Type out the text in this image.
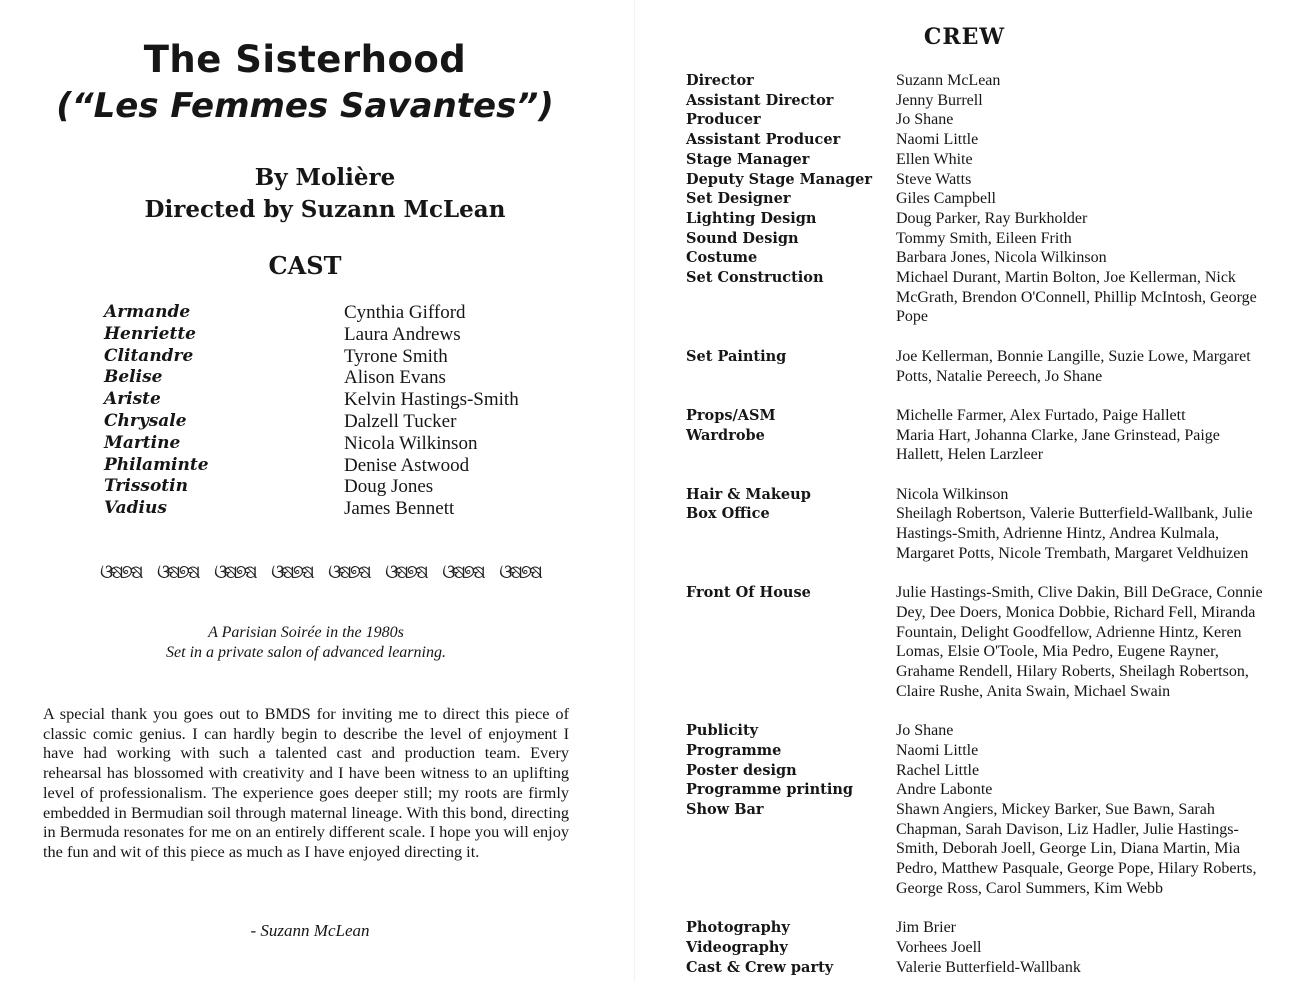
The Sisterhood
(“Les Femmes Savantes”)
By Molière
Directed by Suzann McLean
CAST
Armande	Cynthia Gifford
Henriette	Laura Andrews
Clitandre	Tyrone Smith
Belise	Alison Evans
Ariste	Kelvin Hastings-Smith
Chrysale	Dalzell Tucker
Martine	Nicola Wilkinson
Philaminte	Denise Astwood
Trissotin	Doug Jones
Vadius	James Bennett
ଓଷ୭ଷ ଓଷ୭ଷ ଓଷ୭ଷ ଓଷ୭ଷ ଓଷ୭ଷ ଓଷ୭ଷ ଓଷ୭ଷ ଓଷ୭ଷ
A Parisian Soirée in the 1980s
Set in a private salon of advanced learning.

A special thank you goes out to BMDS for inviting me to direct this piece of classic comic genius. I can hardly begin to describe the level of enjoyment I have had working with such a talented cast and production team. Every rehearsal has blossomed with creativity and I have been witness to an uplifting level of professionalism. The experience goes deeper still; my roots are firmly embedded in Bermudian soil through maternal lineage. With this bond, directing in Bermuda resonates for me on an entirely different scale. I hope you will enjoy the fun and wit of this piece as much as I have enjoyed directing it.

- Suzann McLean
CREW
Director	Suzann McLean
Assistant Director	Jenny Burrell
Producer	Jo Shane
Assistant Producer	Naomi Little
Stage Manager	Ellen White
Deputy Stage Manager Steve Watts
Set Designer	Giles Campbell
Lighting Design	Doug Parker, Ray Burkholder
Sound Design	Tommy Smith, Eileen Frith
Costume	Barbara Jones, Nicola Wilkinson
Set Construction	Michael Durant, Martin Bolton, Joe Kellerman, Nick McGrath, Brendon O'Connell, Phillip McIntosh, George Pope
Set Painting	Joe Kellerman, Bonnie Langille, Suzie Lowe, Margaret Potts, Natalie Pereech, Jo Shane
Props/ASM	Michelle Farmer, Alex Furtado, Paige Hallett
Wardrobe	Maria Hart, Johanna Clarke, Jane Grinstead, Paige Hallett, Helen Larzleer
Hair & Makeup	Nicola Wilkinson
Box Office	Sheilagh Robertson, Valerie Butterfield-Wallbank, Julie Hastings-Smith, Adrienne Hintz, Andrea Kulmala, Margaret Potts, Nicole Trembath, Margaret Veldhuizen
Front Of House	Julie Hastings-Smith, Clive Dakin, Bill DeGrace, Connie Dey, Dee Doers, Monica Dobbie, Richard Fell, Miranda Fountain, Delight Goodfellow, Adrienne Hintz, Keren Lomas, Elsie O'Toole, Mia Pedro, Eugene Rayner, Grahame Rendell, Hilary Roberts, Sheilagh Robertson, Claire Rushe, Anita Swain, Michael Swain
Publicity	Jo Shane
Programme	Naomi Little
Poster design	Rachel Little
Programme printing	Andre Labonte
Show Bar	Shawn Angiers, Mickey Barker, Sue Bawn, Sarah Chapman, Sarah Davison, Liz Hadler, Julie Hastings-Smith, Deborah Joell, George Lin, Diana Martin, Mia Pedro, Matthew Pasquale, George Pope, Hilary Roberts, George Ross, Carol Summers, Kim Webb
Photography	Jim Brier
Videography	Vorhees Joell
Cast & Crew party	Valerie Butterfield-Wallbank
